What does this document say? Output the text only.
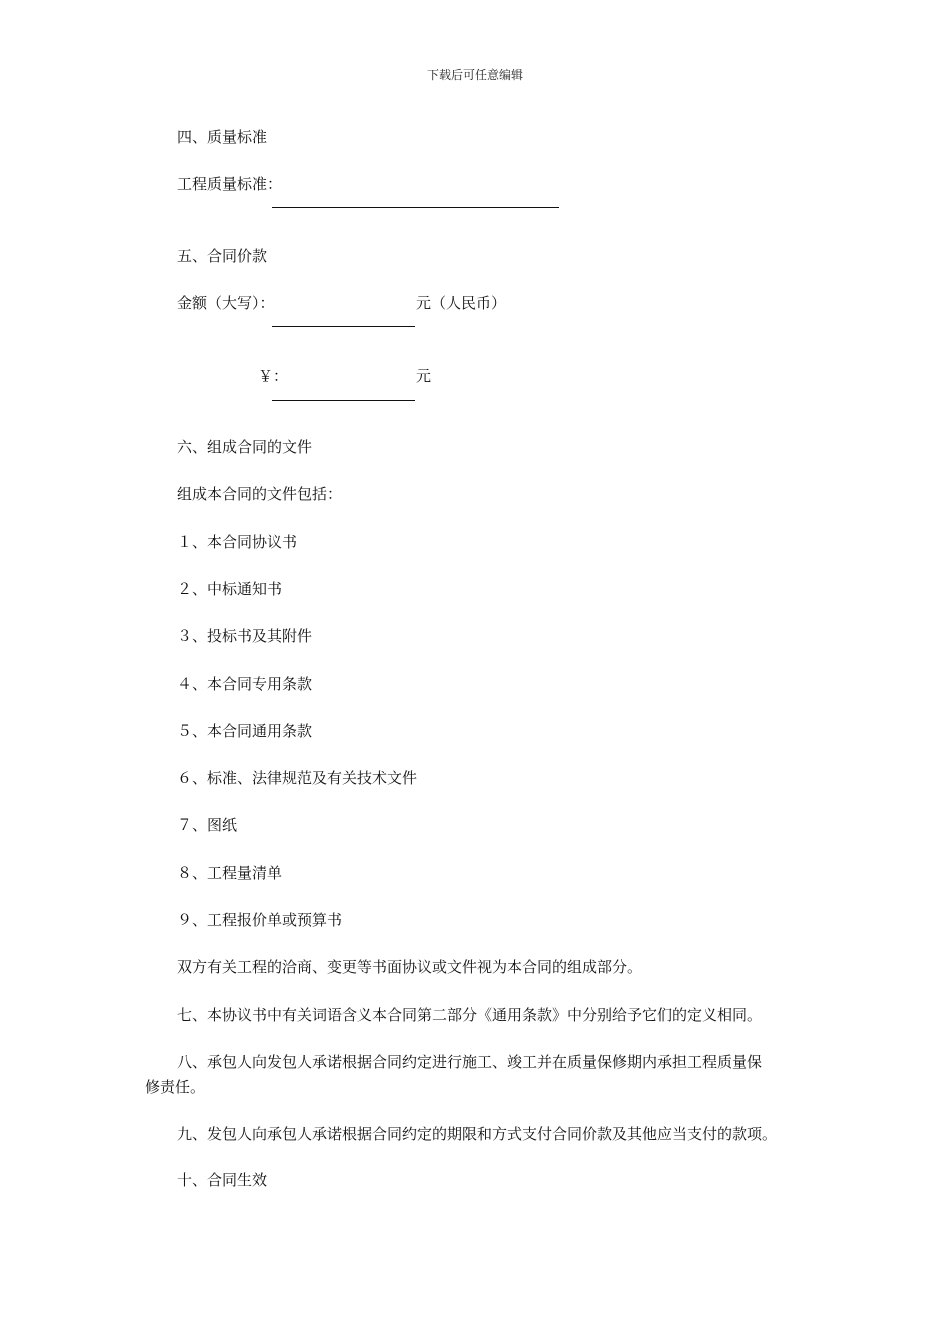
下载后可任意编辑
四、质量标准
工程质量标准：
五、合同价款
金额（大写）：	元（人民币）
￥：	元
六、组成合同的文件
组成本合同的文件包括：
１、本合同协议书
２、中标通知书
３、投标书及其附件
４、本合同专用条款
５、本合同通用条款
６、标准、法律规范及有关技术文件
７、图纸
８、工程量清单
９、工程报价单或预算书
双方有关工程的洽商、变更等书面协议或文件视为本合同的组成部分。
七、本协议书中有关词语含义本合同第二部分《通用条款》中分别给予它们的定义相同。
八、承包人向发包人承诺根据合同约定进行施工、竣工并在质量保修期内承担工程质量保
修责任。
九、发包人向承包人承诺根据合同约定的期限和方式支付合同价款及其他应当支付的款项。
十、合同生效
